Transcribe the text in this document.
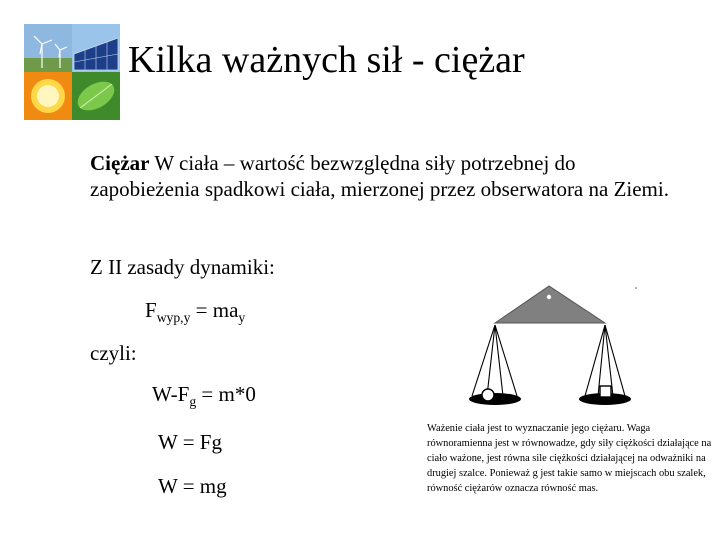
Kilka ważnych sił - ciężar
Ciężar W ciała – wartość bezwzględna siły potrzebnej do zapobieżenia spadkowi ciała, mierzonej przez obserwatora na Ziemi.
Z II zasady dynamiki:
$F_{wyp,y} = ma_y$
czyli:
$W-F_g = m*0$
W = Fg
W = mg
Ważenie ciała jest to wyznaczanie jego ciężaru. Waga równoramienna jest w równowadze, gdy siły ciężkości działające na ciało ważone, jest równa sile ciężkości działającej na odważniki na drugiej szalce. Ponieważ g jest takie samo w miejscach obu szalek, równość ciężarów oznacza równość mas.
